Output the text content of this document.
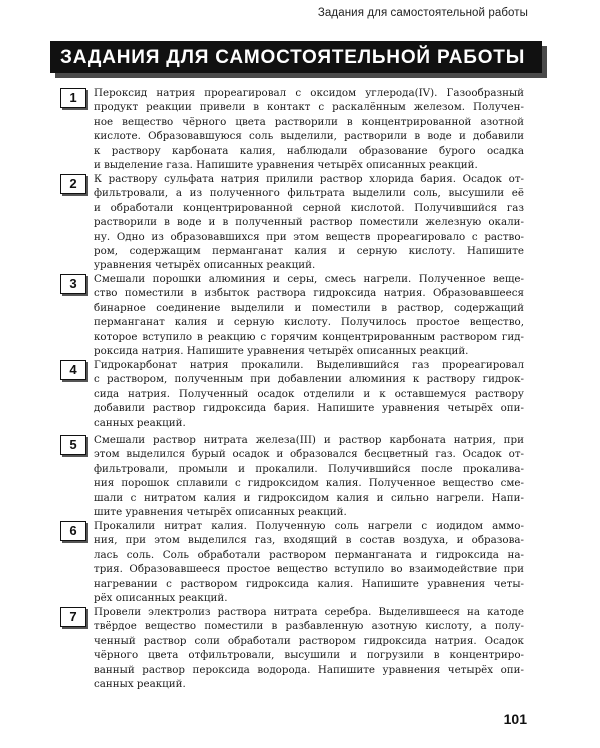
Задания для самостоятельной работы
ЗАДАНИЯ ДЛЯ САМОСТОЯТЕЛЬНОЙ РАБОТЫ
1	Пероксид натрия прореагировал с оксидом углерода(IV). Газообразный
продукт реакции привели в контакт с раскалённым железом. Получен-
ное вещество чёрного цвета растворили в концентрированной азотной
кислоте. Образовавшуюся соль выделили, растворили в воде и добавили
к раствору карбоната калия, наблюдали образование бурого осадка
и выделение газа. Напишите уравнения четырёх описанных реакций.
2	К раствору сульфата натрия прилили раствор хлорида бария. Осадок от-
фильтровали, а из полученного фильтрата выделили соль, высушили её
и обработали концентрированной серной кислотой. Получившийся газ
растворили в воде и в полученный раствор поместили железную окали-
ну. Одно из образовавшихся при этом веществ прореагировало с раство-
ром, содержащим перманганат калия и серную кислоту. Напишите
уравнения четырёх описанных реакций.
3	Смешали порошки алюминия и серы, смесь нагрели. Полученное веще-
ство поместили в избыток раствора гидроксида натрия. Образовавшееся
бинарное соединение выделили и поместили в раствор, содержащий
перманганат калия и серную кислоту. Получилось простое вещество,
которое вступило в реакцию с горячим концентрированным раствором гид-
роксида натрия. Напишите уравнения четырёх описанных реакций.
4	Гидрокарбонат натрия прокалили. Выделившийся газ прореагировал
с раствором, полученным при добавлении алюминия к раствору гидрок-
сида натрия. Полученный осадок отделили и к оставшемуся раствору
добавили раствор гидроксида бария. Напишите уравнения четырёх опи-
санных реакций.
5	Смешали раствор нитрата железа(III) и раствор карбоната натрия, при
этом выделился бурый осадок и образовался бесцветный газ. Осадок от-
фильтровали, промыли и прокалили. Получившийся после прокалива-
ния порошок сплавили с гидроксидом калия. Полученное вещество сме-
шали с нитратом калия и гидроксидом калия и сильно нагрели. Напи-
шите уравнения четырёх описанных реакций.
6	Прокалили нитрат калия. Полученную соль нагрели с иодидом аммо-
ния, при этом выделился газ, входящий в состав воздуха, и образова-
лась соль. Соль обработали раствором перманганата и гидроксида на-
трия. Образовавшееся простое вещество вступило во взаимодействие при
нагревании с раствором гидроксида калия. Напишите уравнения четы-
рёх описанных реакций.
7	Провели электролиз раствора нитрата серебра. Выделившееся на катоде
твёрдое вещество поместили в разбавленную азотную кислоту, а полу-
ченный раствор соли обработали раствором гидроксида натрия. Осадок
чёрного цвета отфильтровали, высушили и погрузили в концентриро-
ванный раствор пероксида водорода. Напишите уравнения четырёх опи-
санных реакций.
101
